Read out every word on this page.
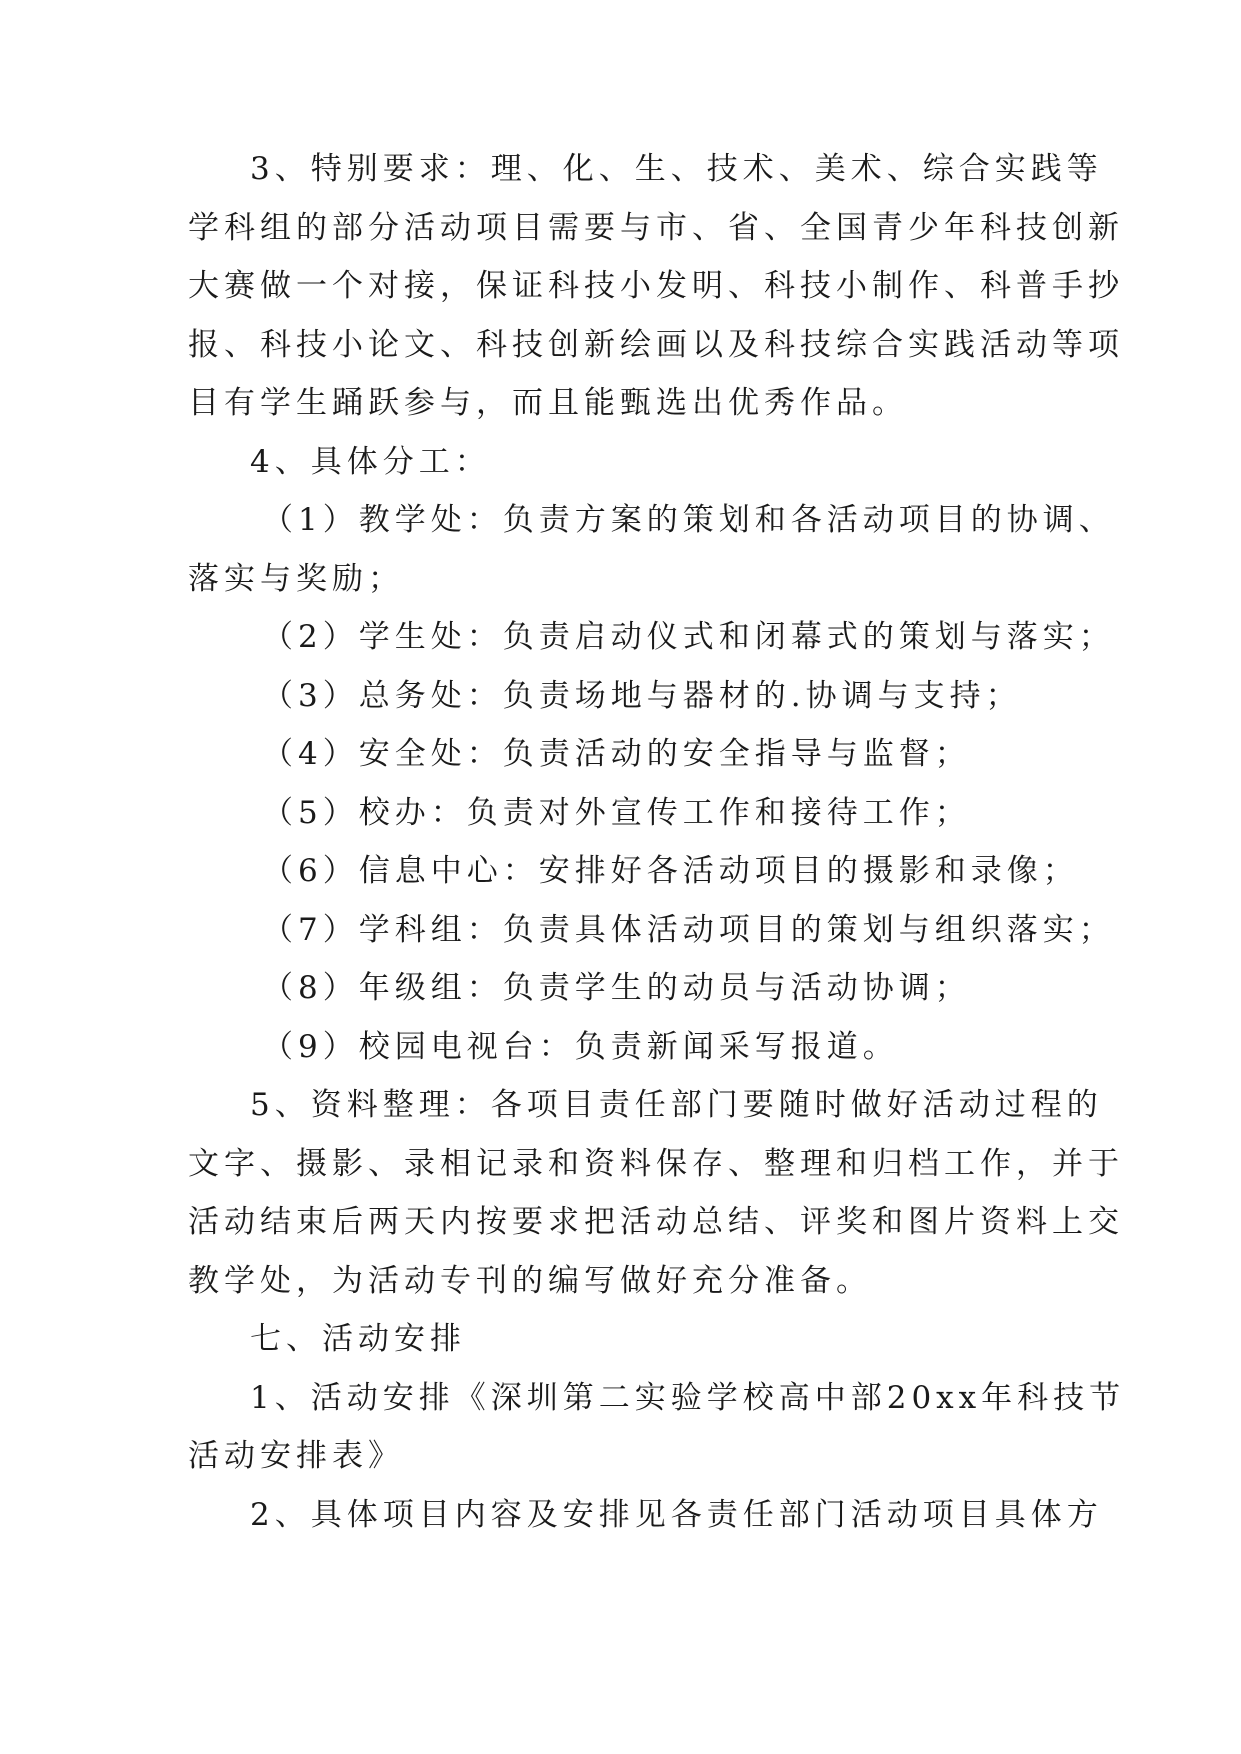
3、特别要求：理、化、生、技术、美术、综合实践等
学科组的部分活动项目需要与市、省、全国青少年科技创新
大赛做一个对接，保证科技小发明、科技小制作、科普手抄
报、科技小论文、科技创新绘画以及科技综合实践活动等项
目有学生踊跃参与，而且能甄选出优秀作品。
4、具体分工：
（1）教学处：负责方案的策划和各活动项目的协调、
落实与奖励；
（2）学生处：负责启动仪式和闭幕式的策划与落实；
（3）总务处：负责场地与器材的.协调与支持；
（4）安全处：负责活动的安全指导与监督；
（5）校办：负责对外宣传工作和接待工作；
（6）信息中心：安排好各活动项目的摄影和录像；
（7）学科组：负责具体活动项目的策划与组织落实；
（8）年级组：负责学生的动员与活动协调；
（9）校园电视台：负责新闻采写报道。
5、资料整理：各项目责任部门要随时做好活动过程的
文字、摄影、录相记录和资料保存、整理和归档工作，并于
活动结束后两天内按要求把活动总结、评奖和图片资料上交
教学处，为活动专刊的编写做好充分准备。
七、活动安排
1、活动安排《深圳第二实验学校高中部20xx年科技节
活动安排表》
2、具体项目内容及安排见各责任部门活动项目具体方
